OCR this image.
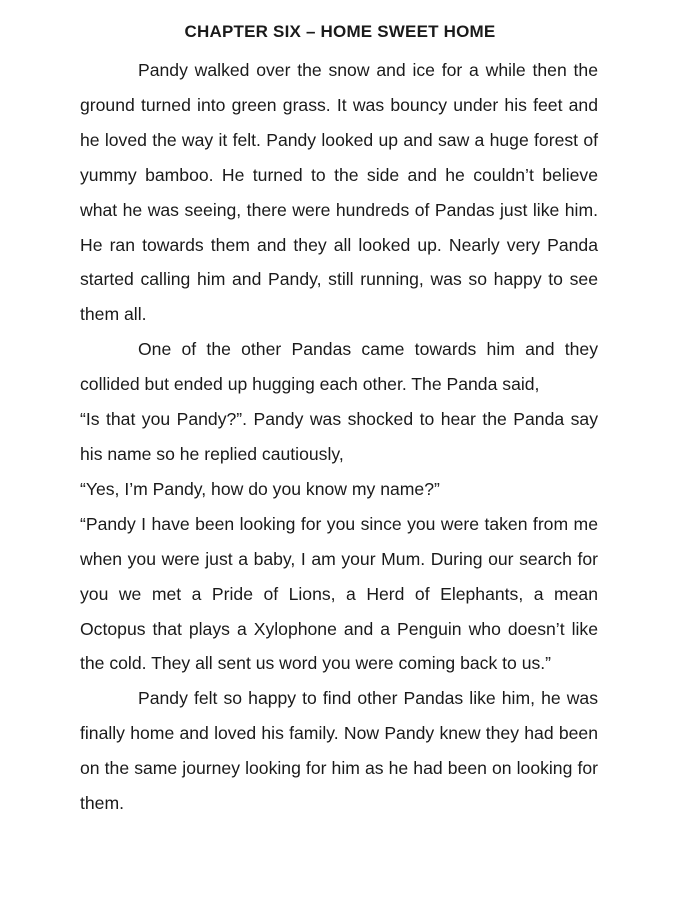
CHAPTER SIX – HOME SWEET HOME

Pandy walked over the snow and ice for a while then the ground turned into green grass. It was bouncy under his feet and he loved the way it felt. Pandy looked up and saw a huge forest of yummy bamboo. He turned to the side and he couldn’t believe what he was seeing, there were hundreds of Pandas just like him. He ran towards them and they all looked up. Nearly very Panda started calling him and Pandy, still running, was so happy to see them all.

One of the other Pandas came towards him and they collided but ended up hugging each other. The Panda said,

“Is that you Pandy?”. Pandy was shocked to hear the Panda say his name so he replied cautiously,

“Yes, I’m Pandy, how do you know my name?”

“Pandy I have been looking for you since you were taken from me when you were just a baby, I am your Mum. During our search for you we met a Pride of Lions, a Herd of Elephants, a mean Octopus that plays a Xylophone and a Penguin who doesn’t like the cold. They all sent us word you were coming back to us.”

Pandy felt so happy to find other Pandas like him, he was finally home and loved his family. Now Pandy knew they had been on the same journey looking for him as he had been on looking for them.
